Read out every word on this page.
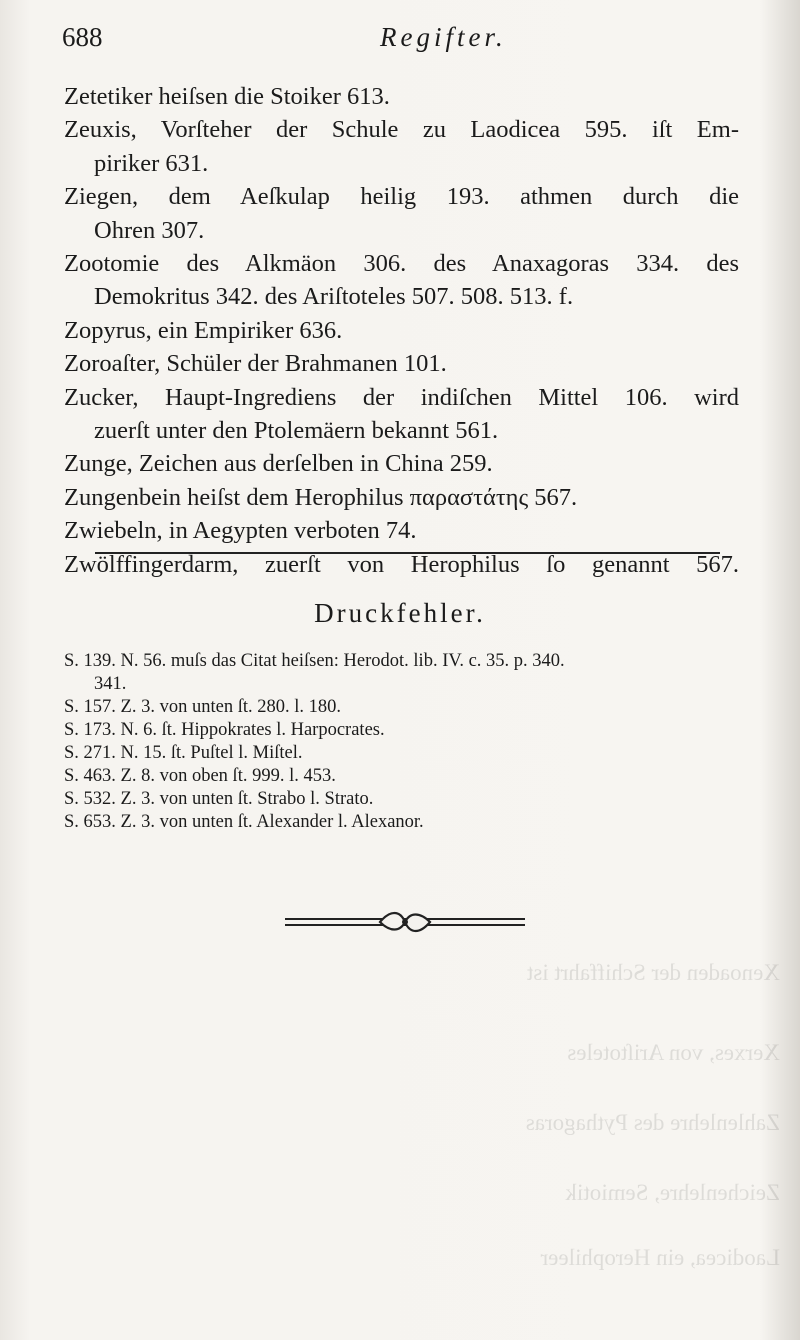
Xenoaden der Schiffahrt ist
Xerxes, von Ariſtoteles
Zahlenlehre des Pythagoras
Zeichenlehre, Semiotik
Laodicea, ein Herophileer
688	Regifter.
Zetetiker heiſsen die Stoiker 613.
Zeuxis, Vorſteher der Schule zu Laodicea 595. iſt Em-
piriker 631.
Ziegen, dem Aeſkulap heilig 193. athmen durch die
Ohren 307.
Zootomie des Alkmäon 306. des Anaxagoras 334. des
Demokritus 342. des Ariſtoteles 507. 508. 513. f.
Zopyrus, ein Empiriker 636.
Zoroaſter, Schüler der Brahmanen 101.
Zucker, Haupt-Ingrediens der indiſchen Mittel 106. wird
zuerſt unter den Ptolemäern bekannt 561.
Zunge, Zeichen aus derſelben in China 259.
Zungenbein heiſst dem Herophilus παραστάτης 567.
Zwiebeln, in Aegypten verboten 74.
Zwölffingerdarm, zuerſt von Herophilus ſo genannt 567.
Druckfehler.
S. 139. N. 56. muſs das Citat heiſsen: Herodot. lib. IV. c. 35. p. 340.
341.
S. 157. Z. 3. von unten ſt. 280. l. 180.
S. 173. N. 6. ſt. Hippokrates l. Harpocrates.
S. 271. N. 15. ſt. Puſtel l. Miſtel.
S. 463. Z. 8. von oben ſt. 999. l. 453.
S. 532. Z. 3. von unten ſt. Strabo l. Strato.
S. 653. Z. 3. von unten ſt. Alexander l. Alexanor.
